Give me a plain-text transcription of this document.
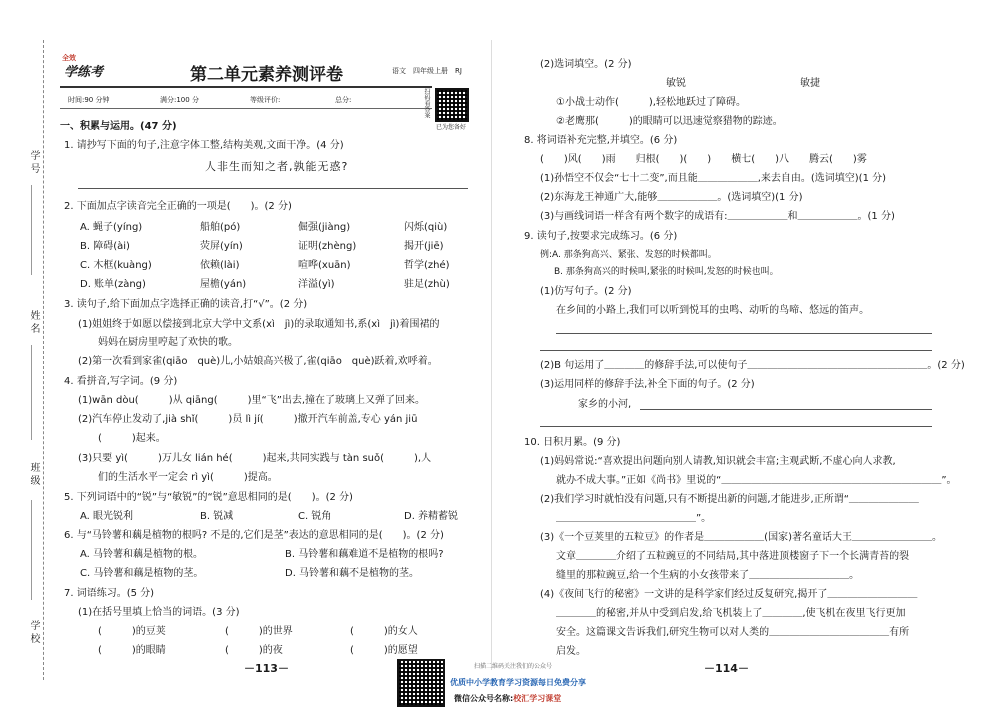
学 号
姓 名
班 级
学 校
全效
学练考	第二单元素养测评卷	语文　四年级上册　RJ
时间:90 分钟	满分:100 分	等级评价:	总分:	扫码看答案
已为您备好
一、积累与运用。(47 分)
1. 请抄写下面的句子,注意字体工整,结构美观,文面干净。(4 分)
人非生而知之者,孰能无惑?
2. 下面加点字读音完全正确的一项是(　　)。(2 分)
A. 蝇子(yíng)	船舶(pó)	倔强(jiàng)	闪烁(qiù)
B. 障碍(ài)	荧屏(yín)	证明(zhèng)	揭开(jiē)
C. 木框(kuàng)	依赖(lài)	喧哗(xuān)	哲学(zhé)
D. 账单(zàng)	屋檐(yán)	洋溢(yì)	驻足(zhù)
3. 读句子,给下面加点字选择正确的读音,打“√”。(2 分)
(1)姐姐终于如愿以偿接到北京大学中文系(xì　jì)的录取通知书,系(xì　jì)着围裙的
妈妈在厨房里哼起了欢快的歌。
(2)第一次看到家雀(qiāo　què)儿,小姑娘高兴极了,雀(qiāo　què)跃着,欢呼着。
4. 看拼音,写字词。(9 分)
(1)wān dòu(　　　)从 qiāng(　　　)里“飞”出去,撞在了玻璃上又弹了回来。
(2)汽车停止发动了,jià shǐ(　　　)员 lì jí(　　　)撤开汽车前盖,专心 yán jiū
(　　　)起来。
(3)只要 yì(　　　)万儿女 lián hé(　　　)起来,共同实践与 tàn suǒ(　　　),人
们的生活水平一定会 rì yì(　　　)提高。
5. 下列词语中的“锐”与“敏锐”的“锐”意思相同的是(　　)。(2 分)
A. 眼光锐利	B. 锐减	C. 锐角	D. 养精蓄锐
6. 与“马铃薯和藕是植物的根吗? 不是的,它们是茎”表达的意思相同的是(　　)。(2 分)
A. 马铃薯和藕是植物的根。	B. 马铃薯和藕难道不是植物的根吗?
C. 马铃薯和藕是植物的茎。	D. 马铃薯和藕不是植物的茎。
7. 词语练习。(5 分)
(1)在括号里填上恰当的词语。(3 分)
(　　　)的豆荚	(　　　)的世界	(　　　)的女人
(　　　)的眼睛	(　　　)的夜	(　　　)的愿望
－113－
(2)选词填空。(2 分)
敏锐	敏捷
①小战士动作(　　　),轻松地跃过了障碍。
②老鹰那(　　　)的眼睛可以迅速觉察猎物的踪迹。
8. 将词语补充完整,并填空。(6 分)
(　　)风(　　)雨　　归根(　　)(　　)　　横七(　　)八　　腾云(　　)雾
(1)孙悟空不仅会“七十二变”,而且能＿＿＿＿＿＿,来去自由。(选词填空)(1 分)
(2)东海龙王神通广大,能够＿＿＿＿＿＿。(选词填空)(1 分)
(3)与画线词语一样含有两个数字的成语有:＿＿＿＿＿＿和＿＿＿＿＿＿。(1 分)
9. 读句子,按要求完成练习。(6 分)
例:A. 那条狗高兴、紧张、发怒的时候都叫。
B. 那条狗高兴的时候叫,紧张的时候叫,发怒的时候也叫。
(1)仿写句子。(2 分)
在乡间的小路上,我们可以听到悦耳的虫鸣、动听的鸟啼、悠远的笛声。
(2)B 句运用了＿＿＿＿的修辞手法,可以使句子＿＿＿＿＿＿＿＿＿＿＿＿＿＿＿＿＿＿。(2 分)
(3)运用同样的修辞手法,补全下面的句子。(2 分)
家乡的小河,
10. 日积月累。(9 分)
(1)妈妈常说:“喜欢提出问题向别人请教,知识就会丰富;主观武断,不虚心向人求教,
就办不成大事。”正如《尚书》里说的“＿＿＿＿＿＿＿＿＿＿＿＿＿＿＿＿＿＿＿＿＿＿”。
(2)我们学习时就怕没有问题,只有不断提出新的问题,才能进步,正所谓“＿＿＿＿＿＿＿
＿＿＿＿＿＿＿＿＿＿＿＿＿＿”。
(3)《一个豆荚里的五粒豆》的作者是＿＿＿＿＿＿(国家)著名童话大王＿＿＿＿＿＿＿＿。
文章＿＿＿＿介绍了五粒豌豆的不同结局,其中落进顶楼窗子下一个长满青苔的裂
缝里的那粒豌豆,给一个生病的小女孩带来了＿＿＿＿＿＿＿＿＿＿。
(4)《夜间飞行的秘密》一文讲的是科学家们经过反复研究,揭开了＿＿＿＿＿＿＿＿＿
＿＿＿＿的秘密,并从中受到启发,给飞机装上了＿＿＿＿,使飞机在夜里飞行更加
安全。这篇课文告诉我们,研究生物可以对人类的＿＿＿＿＿＿＿＿＿＿＿＿有所
启发。
－114－
扫描二维码关注我们的公众号
优质中小学教育学习资源每日免费分享
微信公众号名称:校汇学习课堂
